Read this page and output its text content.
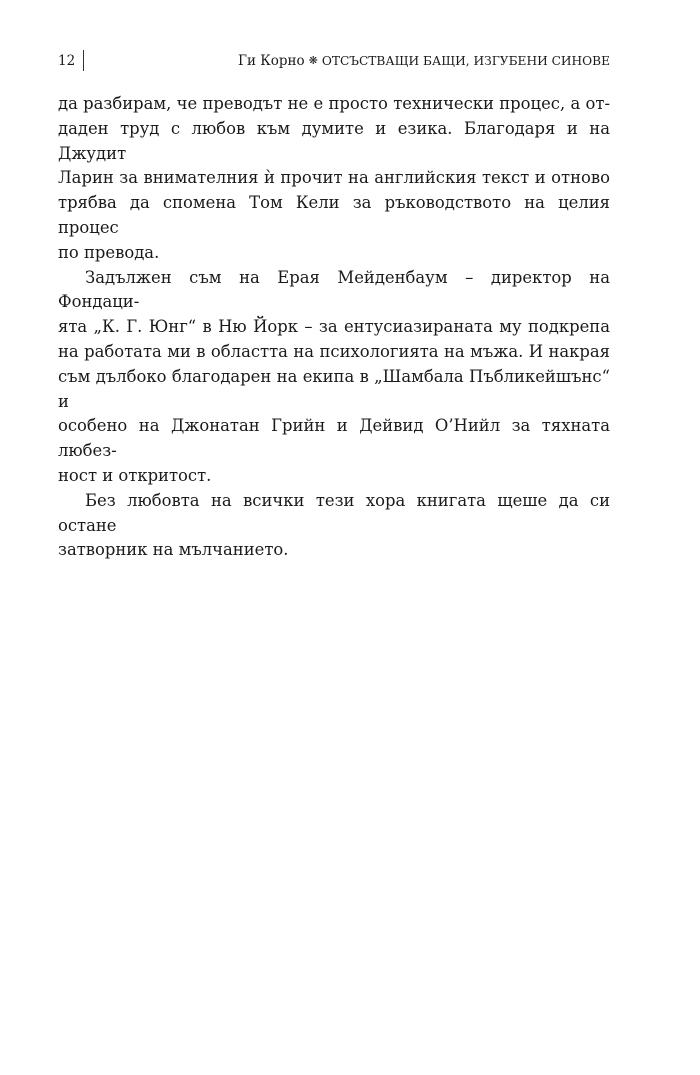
12	Ги Корно ❋ ОТСЪСТВАЩИ БАЩИ, ИЗГУБЕНИ СИНОВЕ

да разбирам, че преводът не е просто технически процес, а от-

даден труд с любов към думите и езика. Благодаря и на Джудит

Ларин за внимателния ѝ прочит на английския текст и отново

трябва да спомена Том Кели за ръководството на целия процес

по превода.

Задължен съм на Ерая Мейденбаум – директор на Фондаци-

ята „К. Г. Юнг“ в Ню Йорк – за ентусиазираната му подкрепа

на работата ми в областта на психологията на мъжа. И накрая

съм дълбоко благодарен на екипа в „Шамбала Пъбликейшънс“ и

особено на Джонатан Грийн и Дейвид О’Нийл за тяхната любез-

ност и откритост.

Без любовта на всички тези хора книгата щеше да си остане

затворник на мълчанието.
